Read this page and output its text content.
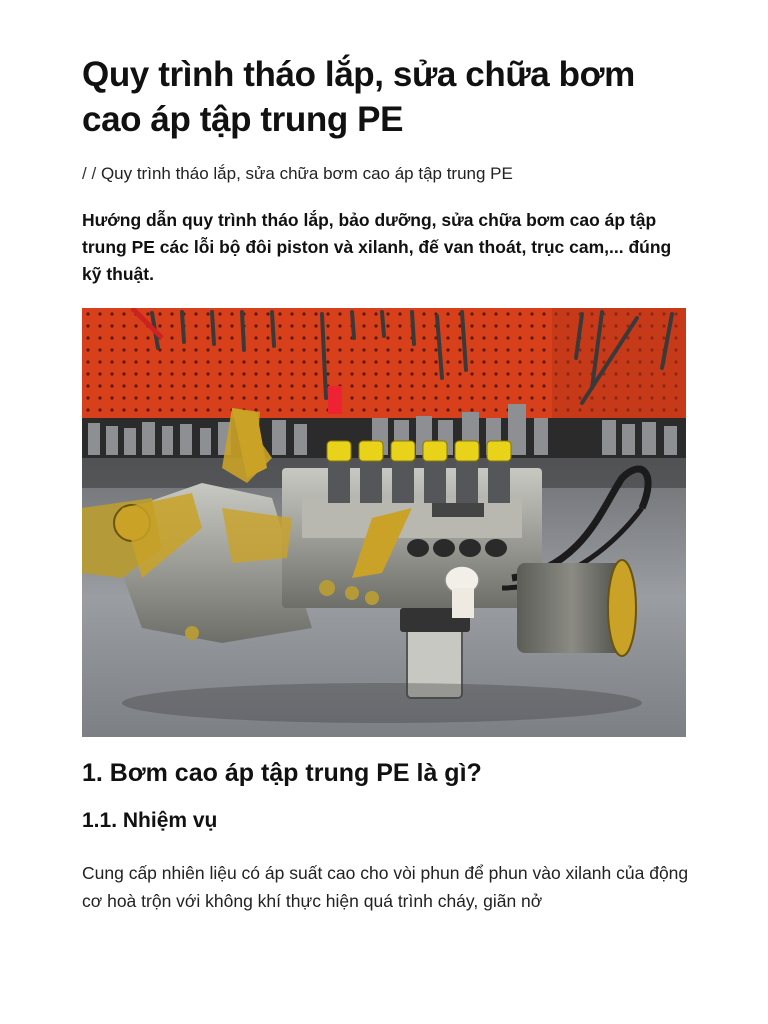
Quy trình tháo lắp, sửa chữa bơm cao áp tập trung PE
/ / Quy trình tháo lắp, sửa chữa bơm cao áp tập trung PE

Hướng dẫn quy trình tháo lắp, bảo dưỡng, sửa chữa bơm cao áp tập trung PE các lỗi bộ đôi piston và xilanh, đế van thoát, trục cam,... đúng kỹ thuật.

1. Bơm cao áp tập trung PE là gì?
1.1. Nhiệm vụ

Cung cấp nhiên liệu có áp suất cao cho vòi phun để phun vào xilanh của động cơ hoà trộn với không khí thực hiện quá trình cháy, giãn nở
